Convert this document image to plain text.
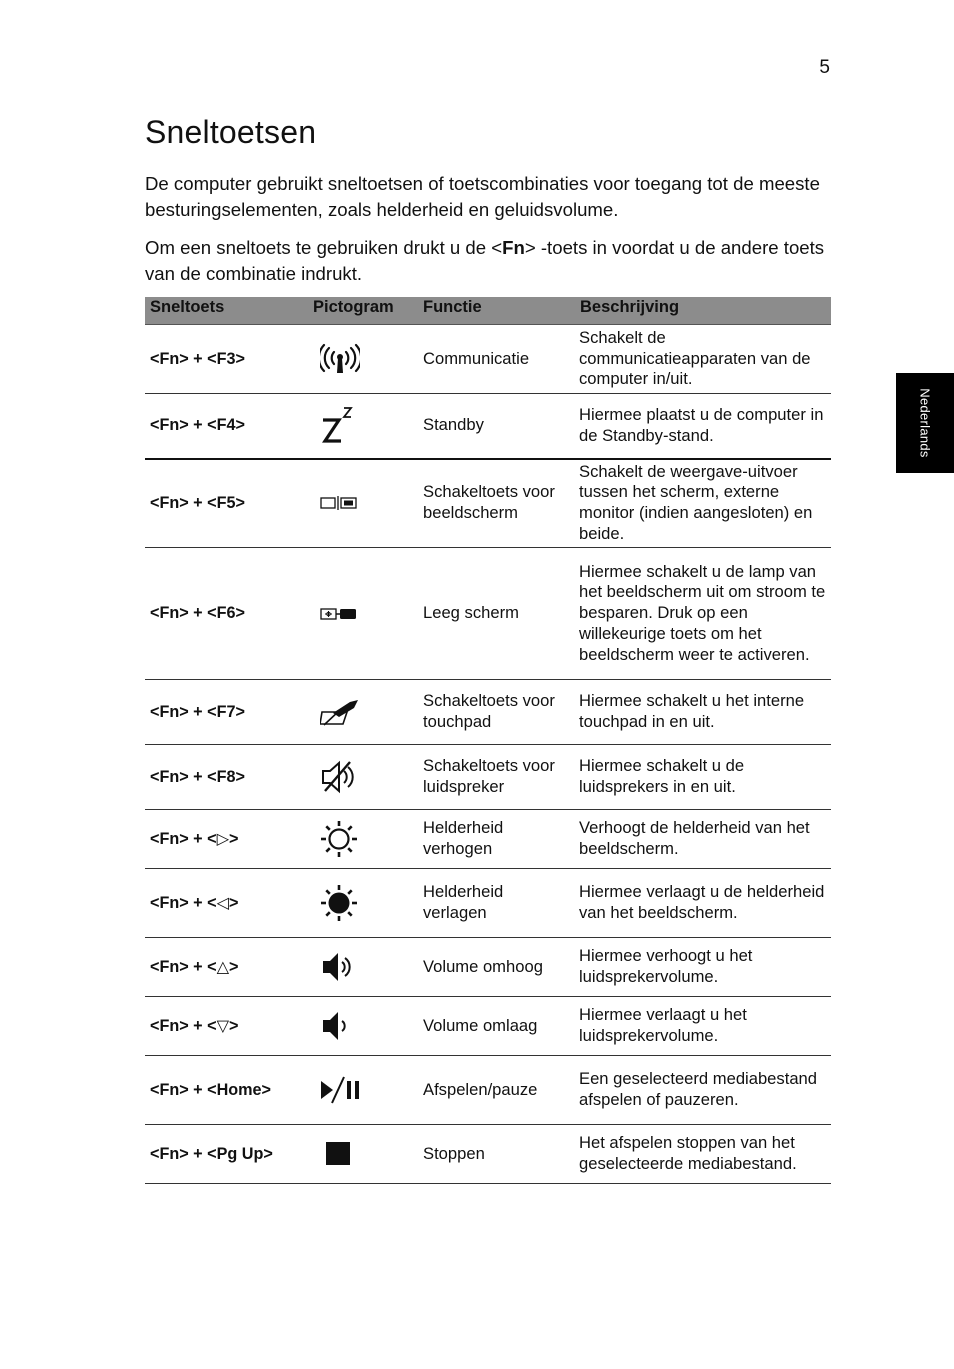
5
Sneltoetsen

De computer gebruikt sneltoetsen of toetscombinaties voor toegang tot de meeste besturingselementen, zoals helderheid en geluidsvolume.

Om een sneltoets te gebruiken drukt u de <Fn> -toets in voordat u de andere toets van de combinatie indrukt.

Nederlands
Sneltoets	Pictogram	Functie	Beschrijving
<Fn> + <F3>		Communicatie	Schakelt de communicatieapparaten van de computer in/uit.
<Fn> + <F4>		Standby	Hiermee plaatst u de computer in de Standby-stand.
<Fn> + <F5>		Schakeltoets voor beeldscherm	Schakelt de weergave-uitvoer tussen het scherm, externe monitor (indien aangesloten) en beide.
<Fn> + <F6>		Leeg scherm	Hiermee schakelt u de lamp van het beeldscherm uit om stroom te besparen. Druk op een willekeurige toets om het beeldscherm weer te activeren.
<Fn> + <F7>		Schakeltoets voor touchpad	Hiermee schakelt u het interne touchpad in en uit.
<Fn> + <F8>		Schakeltoets voor luidspreker	Hiermee schakelt u de luidsprekers in en uit.
<Fn> + <▷>		Helderheid verhogen	Verhoogt de helderheid van het beeldscherm.
<Fn> + <◁>		Helderheid verlagen	Hiermee verlaagt u de helderheid van het beeldscherm.
<Fn> + <△>		Volume omhoog	Hiermee verhoogt u het luidsprekervolume.
<Fn> + <▽>		Volume omlaag	Hiermee verlaagt u het luidsprekervolume.
<Fn> + <Home>		Afspelen/pauze	Een geselecteerd mediabestand afspelen of pauzeren.
<Fn> + <Pg Up>		Stoppen	Het afspelen stoppen van het geselecteerde mediabestand.
